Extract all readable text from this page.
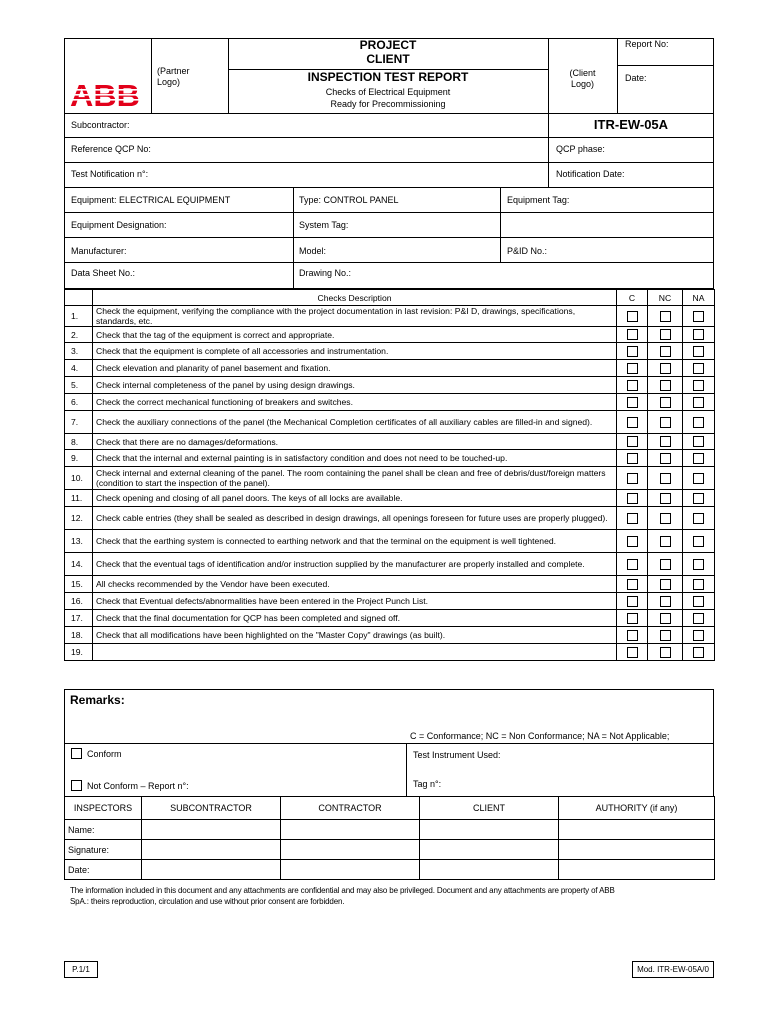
(Partner
Logo)
PROJECT
CLIENT
INSPECTION TEST REPORT
Checks of Electrical Equipment
Ready for Precommissioning
(Client
Logo)
Report No:
Date:
Subcontractor:	ITR-EW-05A
Reference QCP No:	QCP phase:
Test Notification n°:	Notification Date:
Equipment: ELECTRICAL EQUIPMENT	Type: CONTROL PANEL	Equipment Tag:
Equipment Designation:	System Tag:
Manufacturer:	Model:	P&ID No.:
Data Sheet No.:	Drawing No.:
	Checks Description	C	NC	NA
1.	Check the equipment, verifying the compliance with the project documentation in last revision: P&I D, drawings, specifications, standards, etc.			
2.	Check that the tag of the equipment is correct and appropriate.			
3.	Check that the equipment is complete of all accessories and instrumentation.			
4.	Check elevation and planarity of panel basement and fixation.			
5.	Check internal completeness of the panel by using design drawings.			
6.	Check the correct mechanical functioning of breakers and switches.			
7.	Check the auxiliary connections of the panel (the Mechanical Completion certificates of all auxiliary cables are filled-in and signed).			
8.	Check that there are no damages/deformations.			
9.	Check that the internal and external painting is in satisfactory condition and does not need to be touched-up.			
10.	Check internal and external cleaning of the panel. The room containing the panel shall be clean and free of debris/dust/foreign matters (condition to start the inspection of the panel).			
11.	Check opening and closing of all panel doors. The keys of all locks are available.			
12.	Check cable entries (they shall be sealed as described in design drawings, all openings foreseen for future uses are properly plugged).			
13.	Check that the earthing system is connected to earthing network and that the terminal on the equipment is well tightened.			
14.	Check that the eventual tags of identification and/or instruction supplied by the manufacturer are properly installed and complete.			
15.	All checks recommended by the Vendor have been executed.			
16.	Check that Eventual defects/abnormalities have been entered in the Project Punch List.			
17.	Check that the final documentation for QCP has been completed and signed off.			
18.	Check that all modifications have been highlighted on the "Master Copy" drawings (as built).			
19.				
Remarks:
C = Conformance; NC = Non Conformance; NA = Not Applicable;
Conform
Not Conform – Report n°:
Test Instrument Used:
Tag n°:
INSPECTORS	SUBCONTRACTOR	CONTRACTOR	CLIENT	AUTHORITY (if any)
Name:				
Signature:				
Date:				
The information included in this document and any attachments are confidential and may also be privileged. Document and any attachments are property of ABB
SpA.: theirs reproduction, circulation and use without prior consent are forbidden.
P.1/1	Mod. ITR-EW-05A/0
